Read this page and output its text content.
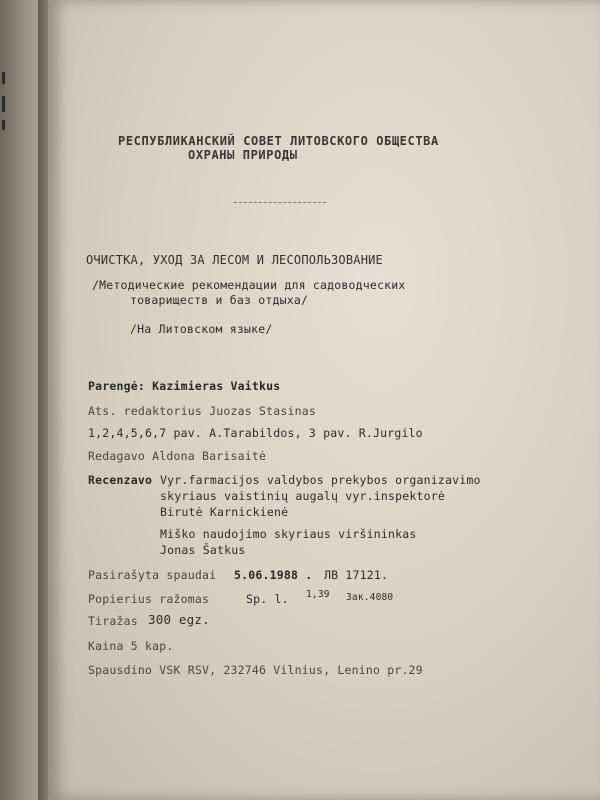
РЕСПУБЛИКАНСКИЙ СОВЕТ ЛИТОВСКОГО ОБЩЕСТВА
ОХРАНЫ ПРИРОДЫ
ОЧИСТКА, УХОД ЗА ЛЕСОМ И ЛЕСОПОЛЬЗОВАНИЕ
/Методические рекомендации для садоводческих
товариществ и баз отдыха/
/На Литовском языке/
Parengė: Kazimieras Vaitkus
Ats. redaktorius Juozas Stasinas
1,2,4,5,6,7 pav. A.Tarabildos, 3 pav. R.Jurgilo
Redagavo Aldona Barisaitė
Recenzavo Vyr.farmacijos valdybos prekybos organizavimo
skyriaus vaistinių augalų vyr.inspektorė
Birutė Karnickienė
Miško naudojimo skyriaus viršininkas
Jonas Šatkus
Pasirašyta spaudai 5.06.1988 . ЛВ 17121.
Popierius ražomas	Sp. l. 1,39 Зак.4080
Tiražas 300 egz.
Kaina 5 kap.
Spausdino VSK RSV, 232746 Vilnius, Lenino pr.29
